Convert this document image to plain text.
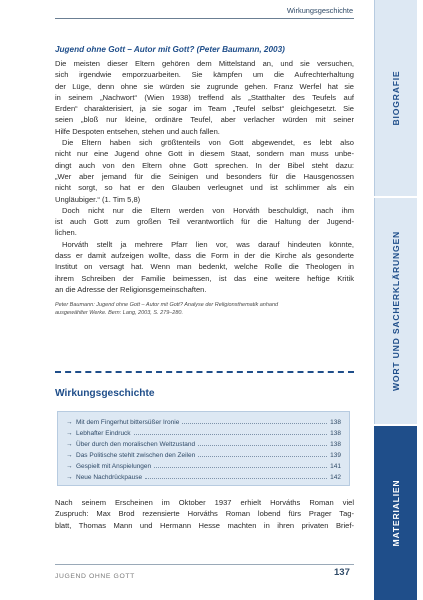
Wirkungsgeschichte
BIOGRAFIE
WORT UND SACHERKLÄRUNGEN
MATERIALIEN
Jugend ohne Gott – Autor mit Gott? (Peter Baumann, 2003)
Die meisten dieser Eltern gehören dem Mittelstand an, und sie versuchen,
sich irgendwie emporzuarbeiten. Sie kämpfen um die Aufrechterhaltung
der Lüge, denn ohne sie würden sie zugrunde gehen. Franz Werfel hat sie
in seinem „Nachwort“ (Wien 1938) treffend als „Statthalter des Teufels auf
Erden“ charakterisiert, ja sie sogar im Team „Teufel selbst“ gleichgesetzt. Sie
seien „bloß nur kleine, ordinäre Teufel, aber verlacher würden mit seiner
Hilfe Despoten entsehen, stehen und auch fallen.
Die Eltern haben sich größtenteils von Gott abgewendet, es lebt also
nicht nur eine Jugend ohne Gott in diesem Staat, sondern man muss unbe-
dingt auch von den Eltern ohne Gott sprechen. In der Bibel steht dazu:
„Wer aber jemand für die Seinigen und besonders für die Hausgenossen
nicht sorgt, so hat er den Glauben verleugnet und ist schlimmer als ein
Ungläubiger.“ (1. Tim 5,8)
Doch nicht nur die Eltern werden von Horváth beschuldigt, nach ihm
ist auch Gott zum großen Teil verantwortlich für die Haltung der Jugend-
lichen.
Horváth stellt ja mehrere Pfarr lien vor, was darauf hindeuten könnte,
dass er damit aufzeigen wollte, dass die Form in der die Kirche als gesonderte
Institut on versagt hat. Wenn man bedenkt, welche Rolle die Theologen in
ihrem Schreiben der Familie beimessen, ist das eine weitere heftige Kritik
an die Adresse der Religionsgemeinschaften.
Peter Baumann: Jugend ohne Gott – Autor mit Gott? Analyse der Religionsthematik anhand
ausgewählter Werke. Bern: Lang, 2003, S. 279–280.
Wirkungsgeschichte
→ Mit dem Fingerhut bittersüßer Ironie	138
→ Lebhafter Eindruck	138
→ Über durch den moralischen Weltzustand	138
→ Das Politische stehlt zwischen den Zeilen	139
→ Gespielt mit Anspielungen	141
→ Neue Nachdrückpause	142
Nach seinem Erscheinen im Oktober 1937 erhielt Horváths Roman viel
Zuspruch: Max Brod rezensierte Horváths Roman lobend fürs Prager Tag-
blatt, Thomas Mann und Hermann Hesse machten in ihren privaten Brief-
JUGEND OHNE GOTT	137
